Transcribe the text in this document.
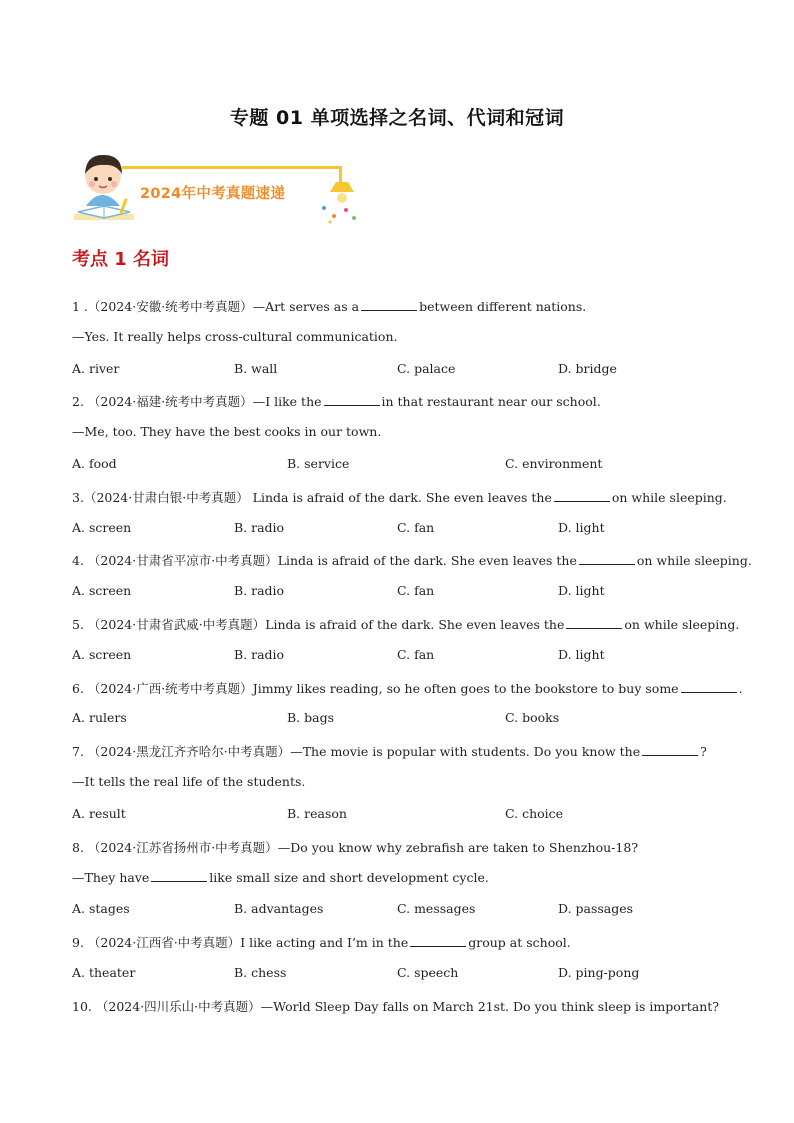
专题 01 单项选择之名词、代词和冠词
2024年中考真题速递
考点 1 名词
1 .（2024·安徽·统考中考真题）—Art serves as a	between different nations.
—Yes. It really helps cross-cultural communication.
A. river	B. wall	C. palace	D. bridge
2. （2024·福建·统考中考真题）—I like the	in that restaurant near our school.
—Me, too. They have the best cooks in our town.
A. food	B. service	C. environment
3.（2024·甘肃白银·中考真题） Linda is afraid of the dark. She even leaves the	on while sleeping.
A. screen	B. radio	C. fan	D. light
4. （2024·甘肃省平凉市·中考真题）Linda is afraid of the dark. She even leaves the	on while sleeping.
A. screen	B. radio	C. fan	D. light
5. （2024·甘肃省武威·中考真题）Linda is afraid of the dark. She even leaves the	on while sleeping.
A. screen	B. radio	C. fan	D. light
6. （2024·广西·统考中考真题）Jimmy likes reading, so he often goes to the bookstore to buy some	.
A. rulers	B. bags	C. books
7. （2024·黑龙江齐齐哈尔·中考真题）—The movie is popular with students. Do you know the	?
—It tells the real life of the students.
A. result	B. reason	C. choice
8. （2024·江苏省扬州市·中考真题）—Do you know why zebrafish are taken to Shenzhou-18?
—They have	like small size and short development cycle.
A. stages	B. advantages	C. messages	D. passages
9. （2024·江西省·中考真题）I like acting and I’m in the	group at school.
A. theater	B. chess	C. speech	D. ping-pong
10. （2024·四川乐山·中考真题）—World Sleep Day falls on March 21st. Do you think sleep is important?
